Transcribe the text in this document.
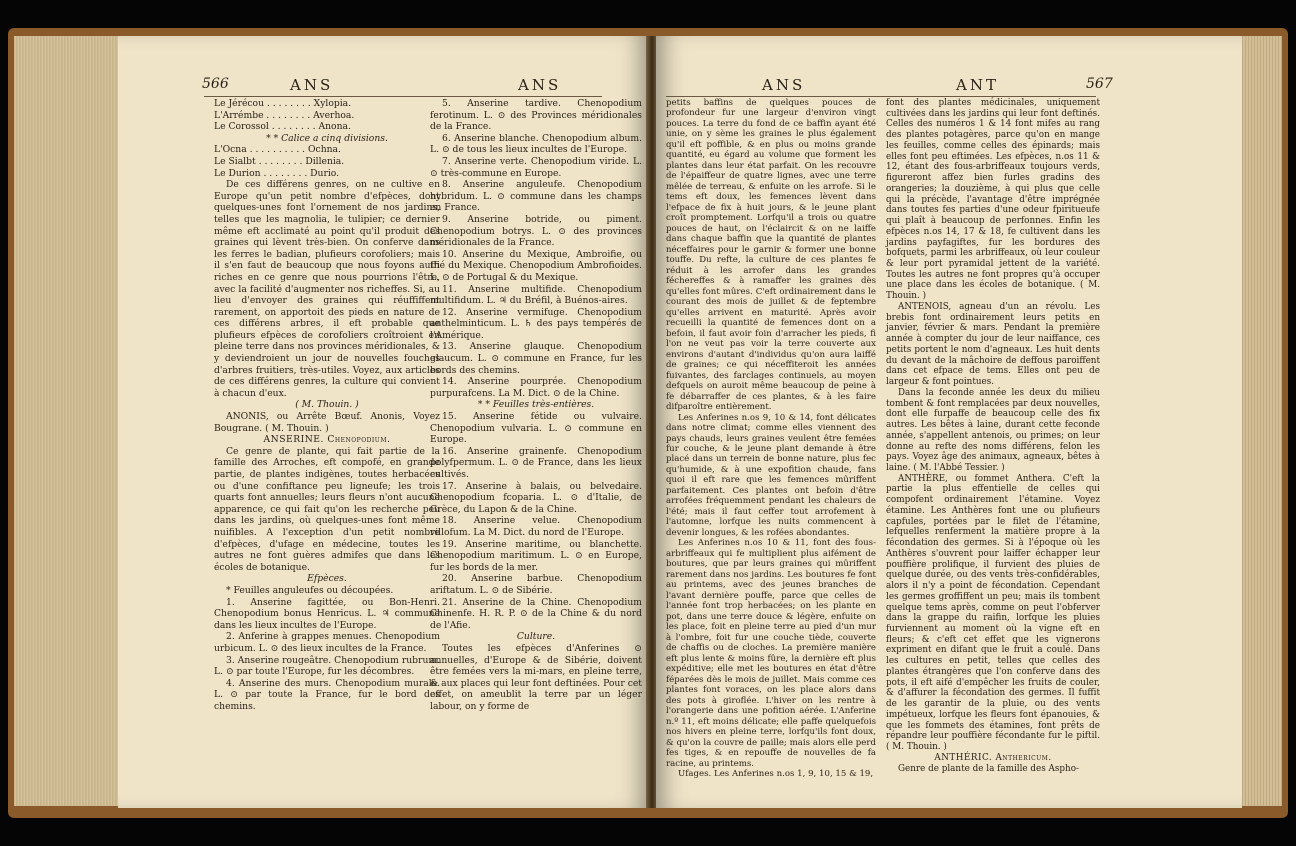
566	ANS	ANS

Le Jérécou . . . . . . . . Xylopia.

L'Arrémbe . . . . . . . . Averhoa.

Le Corossol . . . . . . . . Anona.

* * Calice a cinq divisions.

L'Ocna . . . . . . . . . . Ochna.

Le Sialbt . . . . . . . . Dillenia.

Le Durion . . . . . . . . Durio.

De ces différens genres, on ne cultive en Europe qu'un petit nombre d'efpèces, dont quelques-unes font l'ornement de nos jardins, telles que les magnolia, le tulipier; ce dernier même eft acclimaté au point qu'il produit des graines qui lèvent très-bien. On conferve dans les ferres le badian, plufieurs corofoliers; mais il s'en faut de beaucoup que nous foyons auffi riches en ce genre que nous pourrions l'être, avec la facilité d'augmenter nos richeffes. Si, au lieu d'envoyer des graines qui réuffiffent rarement, on apportoit des pieds en nature de ces différens arbres, il eft probable que plufieurs efpèces de corofoliers croîtroient en pleine terre dans nos provinces méridionales, & y deviendroient un jour de nouvelles fouches d'arbres fruitiers, très-utiles. Voyez, aux articles de ces différens genres, la culture qui convient à chacun d'eux.

( M. Thouin. )

ANONIS, ou Arrête Bœuf. Anonis, Voyez Bougrane. ( M. Thouin. )

ANSERINE. Chenopodium.

Ce genre de plante, qui fait partie de la famille des Arroches, eft compofé, en grande partie, de plantes indigènes, toutes herbacées ou d'une confiftance peu ligneufe; les trois quarts font annuelles; leurs fleurs n'ont aucune apparence, ce qui fait qu'on les recherche peu dans les jardins, où quelques-unes font même nuifibles. A l'exception d'un petit nombre d'efpèces, d'ufage en médecine, toutes les autres ne font guères admifes que dans les écoles de botanique.

Efpèces.

* Feuilles anguleufes ou découpées.

1. Anserine fagittée, ou Bon-Henri. Chenopodium bonus Henricus. L. ♃ commune dans les lieux incultes de l'Europe.

2. Anferine à grappes menues. Chenopodium urbicum. L. ⊙ des lieux incultes de la France.

3. Anserine rougeâtre. Chenopodium rubrum. L. ⊙ par toute l'Europe, fur les décombres.

4. Anserine des murs. Chenopodium murale. L. ⊙ par toute la France, fur le bord des chemins.

5. Anserine tardive. Chenopodium ferotinum. L. ⊙ des Provinces méridionales de la France.

6. Anserine blanche. Chenopodium album. L. ⊙ de tous les lieux incultes de l'Europe.

7. Anserine verte. Chenopodium viride. L. ⊙ très-commune en Europe.

8. Anserine anguleufe. Chenopodium hybridum. L. ⊙ commune dans les champs en France.

9. Anserine botride, ou piment. Chenopodium botrys. L. ⊙ des provinces méridionales de la France.

10. Anserine du Mexique, Ambroifie, ou thé du Mexique. Chenopodium Ambrofioides. L. ⊙ de Portugal & du Mexique.

11. Anserine multifide. Chenopodium multifidum. L. ♃ du Bréfil, à Buénos-aires.

12. Anserine vermifuge. Chenopodium anthelminticum. L. ♄ des pays tempérés de l'Amérique.

13. Anserine glauque. Chenopodium glaucum. L. ⊙ commune en France, fur les bords des chemins.

14. Anserine pourprée. Chenopodium purpurafcens. La M. Dict. ⊙ de la Chine.

* * Feuilles très-entières.

15. Anserine fétide ou vulvaire. Chenopodium vulvaria. L. ⊙ commune en Europe.

16. Anserine grainenfe. Chenopodium polyfpermum. L. ⊙ de France, dans les lieux cultivés.

17. Anserine à balais, ou belvedaire. Chenopodium fcoparia. L. ⊙ d'Italie, de Grèce, du Lapon & de la Chine.

18. Anserine velue. Chenopodium villofum. La M. Dict. du nord de l'Europe.

19. Anserine maritime, ou blanchette. Chenopodium maritimum. L. ⊙ en Europe, fur les bords de la mer.

20. Anserine barbue. Chenopodium ariftatum. L. ⊙ de Sibérie.

21. Anserine de la Chine. Chenopodium Chinenfe. H. R. P. ⊙ de la Chine & du nord de l'Afie.

Culture.

Toutes les efpèces d'Anferines ⊙ annuelles, d'Europe & de Sibérie, doivent être femées vers la mi-mars, en pleine terre, & aux places qui leur font deftinées. Pour cet effet, on ameublit la terre par un léger labour, on y forme de

ANS	ANT	567

petits baffins de quelques pouces de profondeur fur une largeur d'environ vingt pouces. La terre du fond de ce baffin ayant été unie, on y sème les graines le plus également qu'il eft poffible, & en plus ou moins grande quantité, eu égard au volume que forment les plantes dans leur état parfait. On les recouvre de l'épaiffeur de quatre lignes, avec une terre mêlée de terreau, & enfuite on les arrofe. Si le tems eft doux, les femences lèvent dans l'efpace de fix à huit jours, & le jeune plant croît promptement. Lorfqu'il a trois ou quatre pouces de haut, on l'éclaircit & on ne laiffe dans chaque baffin que la quantité de plantes néceffaires pour le garnir & former une bonne touffe. Du refte, la culture de ces plantes fe réduit à les arrofer dans les grandes féchereffes & à ramaffer les graines dès qu'elles font mûres. C'eft ordinairement dans le courant des mois de juillet & de feptembre qu'elles arrivent en maturité. Après avoir recueilli la quantité de femences dont on a befoin, il faut avoir foin d'arracher les pieds, fi l'on ne veut pas voir la terre couverte aux environs d'autant d'individus qu'on aura laiffé de graines; ce qui néceffiteroit les années fuivantes, des farclages continuels, au moyen defquels on auroit même beaucoup de peine à fe débarraffer de ces plantes, & à les faire difparoître entièrement.

Les Anferines n.os 9, 10 & 14, font délicates dans notre climat; comme elles viennent des pays chauds, leurs graines veulent être femées fur couche, & le jeune plant demande à être placé dans un terrein de bonne nature, plus fec qu'humide, & à une expofition chaude, fans quoi il eft rare que les femences mûriffent parfaitement. Ces plantes ont befoin d'être arrofées fréquemment pendant les chaleurs de l'été; mais il faut ceffer tout arrofement à l'automne, lorfque les nuits commencent à devenir longues, & les rofées abondantes.

Les Anferines n.os 10 & 11, font des fous-arbriffeaux qui fe multiplient plus aifément de boutures, que par leurs graines qui mûriffent rarement dans nos jardins. Les boutures fe font au printems, avec des jeunes branches de l'avant dernière pouffe, parce que celles de l'année font trop herbacées; on les plante en pot, dans une terre douce & légère, enfuite on les place, foit en pleine terre au pied d'un mur à l'ombre, foit fur une couche tiède, couverte de chaffis ou de cloches. La première manière eft plus lente & moins fûre, la dernière eft plus expéditive; elle met les boutures en état d'être féparées dès le mois de juillet. Mais comme ces plantes font voraces, on les place alors dans des pots à giroflée. L'hiver on les rentre à l'orangerie dans une pofition aérée. L'Anferine n.º 11, eft moins délicate; elle paffe quelquefois nos hivers en pleine terre, lorfqu'ils font doux, & qu'on la couvre de paille; mais alors elle perd fes tiges, & en repouffe de nouvelles de fa racine, au printems.

Ufages. Les Anferines n.os 1, 9, 10, 15 & 19,

font des plantes médicinales, uniquement cultivées dans les jardins qui leur font deftinés. Celles des numéros 1 & 14 font mifes au rang des plantes potagères, parce qu'on en mange les feuilles, comme celles des épinards; mais elles font peu eftimées. Les efpèces, n.os 11 & 12, étant des fous-arbriffeaux toujours verds, figureront affez bien furles gradins des orangeries; la douzième, à qui plus que celle qui la précède, l'avantage d'être imprégnée dans toutes fes parties d'une odeur fpiritueufe qui plaît à beaucoup de perfonnes. Enfin les efpèces n.os 14, 17 & 18, fe cultivent dans les jardins payfagiftes, fur les bordures des bofquets, parmi les arbriffeaux, où leur couleur & leur port pyramidal jettent de la variété. Toutes les autres ne font propres qu'à occuper une place dans les écoles de botanique. ( M. Thouin. )

ANTENOIS, agneau d'un an révolu. Les brebis font ordinairement leurs petits en janvier, février & mars. Pendant la première année à compter du jour de leur naiffance, ces petits portent le nom d'agneaux. Les huit dents du devant de la mâchoire de deffous paroiffent dans cet efpace de tems. Elles ont peu de largeur & font pointues.

Dans la feconde année les deux du milieu tombent & font remplacées par deux nouvelles, dont elle furpaffe de beaucoup celle des fix autres. Les bêtes à laine, durant cette feconde année, s'appellent antenois, ou primes; on leur donne au refte des noms différens, felon les pays. Voyez âge des animaux, agneaux, bêtes à laine. ( M. l'Abbé Tessier. )

ANTHÈRE, ou fommet Anthera. C'eft la partie la plus effentielle de celles qui compofent ordinairement l'étamine. Voyez étamine. Les Anthères font une ou plufieurs capfules, portées par le filet de l'étamine, lefquelles renferment la matière propre à la fécondation des germes. Si à l'époque où les Anthères s'ouvrent pour laiffer échapper leur pouffière prolifique, il furvient des pluies de quelque durée, ou des vents très-confidérables, alors il n'y a point de fécondation. Cependant les germes groffiffent un peu; mais ils tombent quelque tems après, comme on peut l'obferver dans la grappe du raifin, lorfque les pluies furviennent au moment où la vigne eft en fleurs; & c'eft cet effet que les vignerons expriment en difant que le fruit a coulé. Dans les cultures en petit, telles que celles des plantes étrangères que l'on conferve dans des pots, il eft aifé d'empêcher les fruits de couler, & d'affurer la fécondation des germes. Il fuffit de les garantir de la pluie, ou des vents impétueux, lorfque les fleurs font épanouies, & que les fommets des étamines, font prêts de répandre leur pouffière fécondante fur le piftil. ( M. Thouin. )

ANTHÉRIC. Anthericum.

Genre de plante de la famille des Aspho-
